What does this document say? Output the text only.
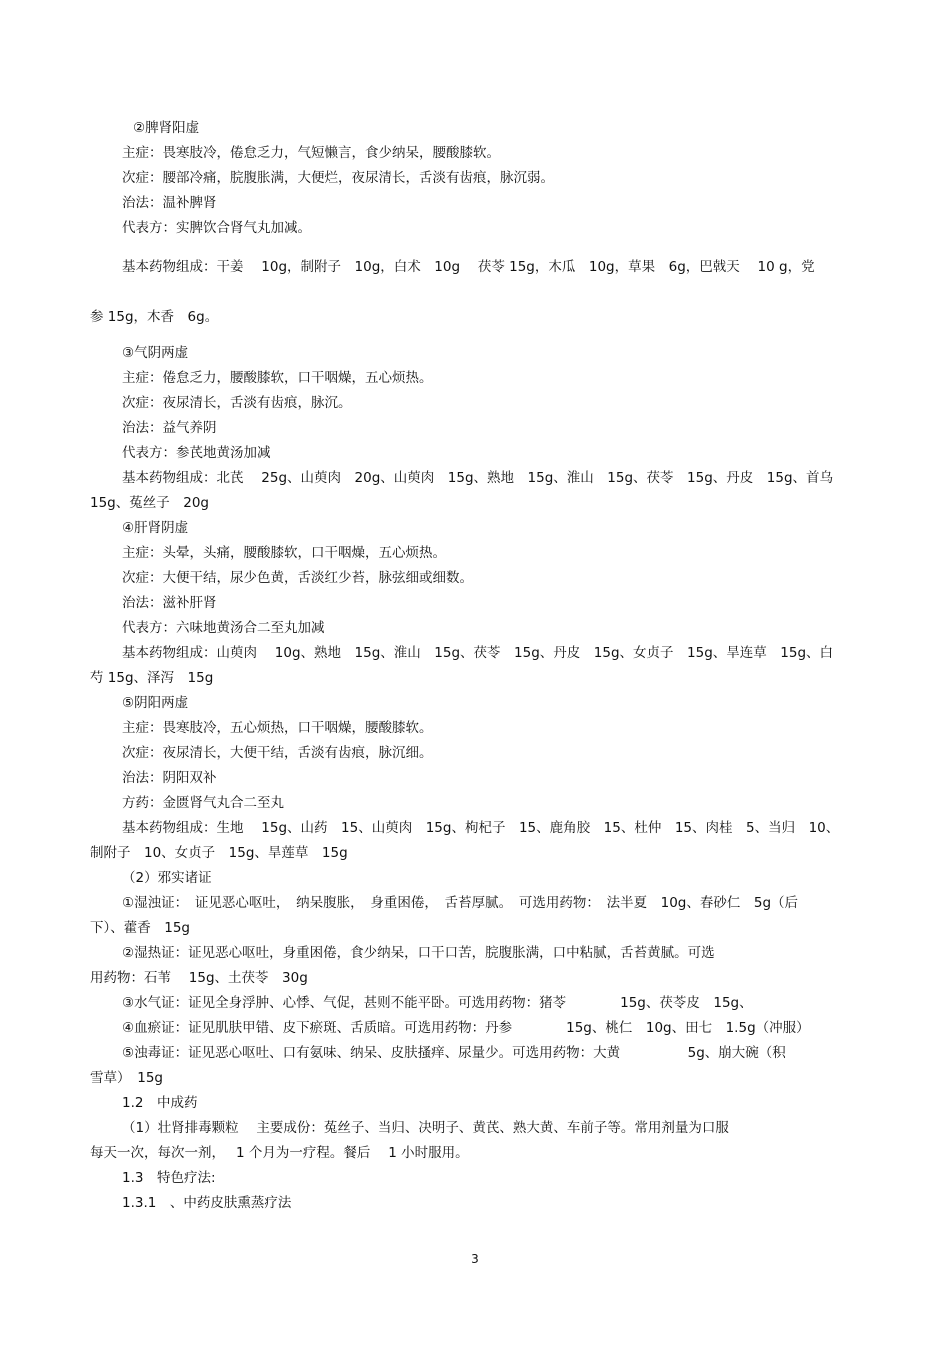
②脾肾阳虚
主症：畏寒肢冷，倦怠乏力，气短懒言，食少纳呆，腰酸膝软。
次症：腰部冷痛，脘腹胀满，大便烂，夜尿清长，舌淡有齿痕，脉沉弱。
治法：温补脾肾
代表方：实脾饮合肾气丸加减。
基本药物组成：干姜　 10g，制附子　10g，白术　10g　 茯苓 15g，木瓜　10g，草果　6g，巴戟天　 10 g，党
参 15g，木香　6g。
③气阴两虚
主症：倦怠乏力，腰酸膝软，口干咽燥，五心烦热。
次症：夜尿清长，舌淡有齿痕，脉沉。
治法：益气养阴
代表方：参芪地黄汤加减
基本药物组成：北芪　 25g、山萸肉　20g、山萸肉　15g、熟地　15g、淮山　15g、茯苓　15g、丹皮　15g、首乌
15g、菟丝子　20g
④肝肾阴虚
主症：头晕，头痛，腰酸膝软，口干咽燥，五心烦热。
次症：大便干结，尿少色黄，舌淡红少苔，脉弦细或细数。
治法：滋补肝肾
代表方：六味地黄汤合二至丸加减
基本药物组成：山萸肉　 10g、熟地　15g、淮山　15g、茯苓　15g、丹皮　15g、女贞子　15g、旱连草　15g、白
芍 15g、泽泻　15g
⑤阴阳两虚
主症：畏寒肢冷，五心烦热，口干咽燥，腰酸膝软。
次症：夜尿清长，大便干结，舌淡有齿痕，脉沉细。
治法：阴阳双补
方药：金匮肾气丸合二至丸
基本药物组成：生地　 15g、山药　15、山萸肉　15g、枸杞子　15、鹿角胶　15、杜仲　15、肉桂　5、当归　10、
制附子　10、女贞子　15g、旱莲草　15g
（2）邪实诸证
①湿浊证：　证见恶心呕吐，　纳呆腹胀，　身重困倦，　舌苔厚腻。　可选用药物：　法半夏　10g、春砂仁　5g（后
下）、藿香　15g
②湿热证：证见恶心呕吐，身重困倦，食少纳呆，口干口苦，脘腹胀满，口中粘腻，舌苔黄腻。可选
用药物：石苇　 15g、土茯苓　30g
③水气证：证见全身浮肿、心悸、气促，甚则不能平卧。可选用药物：猪苓　　　　15g、茯苓皮　15g、
④血瘀证：证见肌肤甲错、皮下瘀斑、舌质暗。可选用药物：丹参　　　　15g、桃仁　10g、田七　1.5g（冲服）
⑤浊毒证：证见恶心呕吐、口有氨味、纳呆、皮肤搔痒、尿量少。可选用药物：大黄　　　　　5g、崩大碗（积
雪草）　15g
1.2　中成药
（1）壮肾排毒颗粒　 主要成份：菟丝子、当归、决明子、黄芪、熟大黄、车前子等。常用剂量为口服
每天一次，每次一剂，　 1 个月为一疗程。餐后　 1 小时服用。
1.3　特色疗法:
1.3.1　、中药皮肤熏蒸疗法
3
